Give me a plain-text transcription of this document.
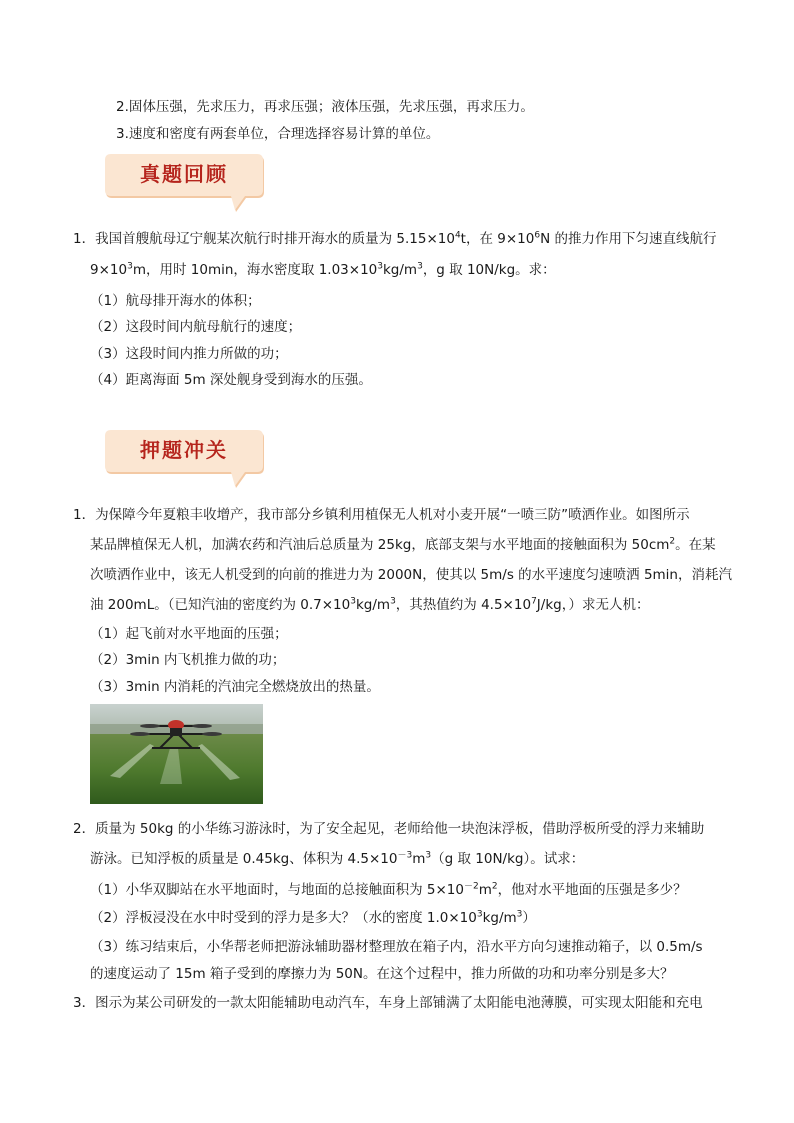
2.固体压强，先求压力，再求压强；液体压强，先求压强，再求压力。
3.速度和密度有两套单位，合理选择容易计算的单位。
真题回顾
1．我国首艘航母辽宁舰某次航行时排开海水的质量为 $5.15\times 10^4t$，在 $9\times 10^6N$ 的推力作用下匀速直线航行
$9\times 10^3m$，用时 10min，海水密度取 $1.03\times 10^3kg/m^3$，g 取 10N/kg。求：
（1）航母排开海水的体积；
（2）这段时间内航母航行的速度；
（3）这段时间内推力所做的功；
（4）距离海面 5m 深处舰身受到海水的压强。
押题冲关
1．为保障今年夏粮丰收增产，我市部分乡镇利用植保无人机对小麦开展“一喷三防”喷洒作业。如图所示
某品牌植保无人机，加满农药和汽油后总质量为 25kg，底部支架与水平地面的接触面积为 $50cm^2$。在某
次喷洒作业中，该无人机受到的向前的推进力为 2000N，使其以 5m/s 的水平速度匀速喷洒 5min，消耗汽
油 200mL。（已知汽油的密度约为 $0.7\times 10^3kg/m^3$，其热值约为 $4.5\times 10^7J/kg$，）求无人机：
（1）起飞前对水平地面的压强；
（2）3min 内飞机推力做的功；
（3）3min 内消耗的汽油完全燃烧放出的热量。
2．质量为 50kg 的小华练习游泳时，为了安全起见，老师给他一块泡沫浮板，借助浮板所受的浮力来辅助
游泳。已知浮板的质量是 0.45kg、体积为 $4.5\times 10^{-3}m^3(g$ 取 10N/kg）。试求：
（1）小华双脚站在水平地面时，与地面的总接触面积为 $5\times 10^{-2}m^2$，他对水平地面的压强是多少？
（2）浮板浸没在水中时受到的浮力是多大？（水的密度 $1.0\times 10^3kg/m^3$）
（3）练习结束后，小华帮老师把游泳辅助器材整理放在箱子内，沿水平方向匀速推动箱子，以 0.5m/s
的速度运动了 15m 箱子受到的摩擦力为 50N。在这个过程中，推力所做的功和功率分别是多大？
3．图示为某公司研发的一款太阳能辅助电动汽车，车身上部铺满了太阳能电池薄膜，可实现太阳能和充电
